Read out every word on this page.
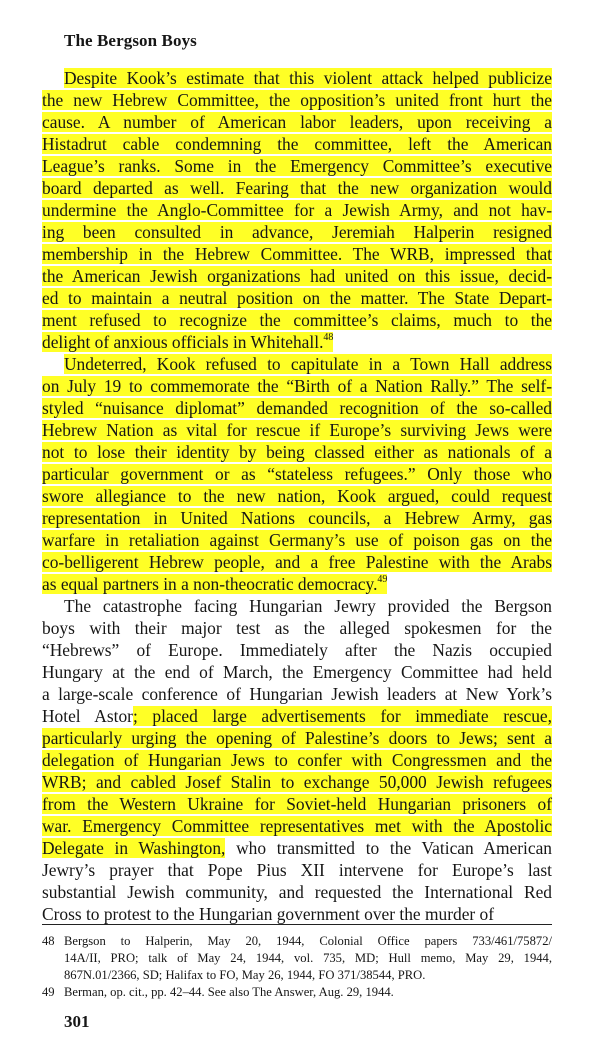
The Bergson Boys
Despite Kook’s estimate that this violent attack helped publicize
the new Hebrew Committee, the opposition’s united front hurt the
cause. A number of American labor leaders, upon receiving a
Histadrut cable condemning the committee, left the American
League’s ranks. Some in the Emergency Committee’s executive
board departed as well. Fearing that the new organization would
undermine the Anglo-Committee for a Jewish Army, and not hav-
ing been consulted in advance, Jeremiah Halperin resigned
membership in the Hebrew Committee. The WRB, impressed that
the American Jewish organizations had united on this issue, decid-
ed to maintain a neutral position on the matter. The State Depart-
ment refused to recognize the committee’s claims, much to the
delight of anxious officials in Whitehall.$^{48}$
Undeterred, Kook refused to capitulate in a Town Hall address
on July 19 to commemorate the “Birth of a Nation Rally.” The self-
styled “nuisance diplomat” demanded recognition of the so-called
Hebrew Nation as vital for rescue if Europe’s surviving Jews were
not to lose their identity by being classed either as nationals of a
particular government or as “stateless refugees.” Only those who
swore allegiance to the new nation, Kook argued, could request
representation in United Nations councils, a Hebrew Army, gas
warfare in retaliation against Germany’s use of poison gas on the
co-belligerent Hebrew people, and a free Palestine with the Arabs
as equal partners in a non-theocratic democracy.$^{49}$
The catastrophe facing Hungarian Jewry provided the Bergson
boys with their major test as the alleged spokesmen for the
“Hebrews” of Europe. Immediately after the Nazis occupied
Hungary at the end of March, the Emergency Committee had held
a large-scale conference of Hungarian Jewish leaders at New York’s
Hotel Astor; placed large advertisements for immediate rescue,
particularly urging the opening of Palestine’s doors to Jews; sent a
delegation of Hungarian Jews to confer with Congressmen and the
WRB; and cabled Josef Stalin to exchange 50,000 Jewish refugees
from the Western Ukraine for Soviet-held Hungarian prisoners of
war. Emergency Committee representatives met with the Apostolic
Delegate in Washington, who transmitted to the Vatican American
Jewry’s prayer that Pope Pius XII intervene for Europe’s last
substantial Jewish community, and requested the International Red
Cross to protest to the Hungarian government over the murder of
48 Bergson to Halperin, May 20, 1944, Colonial Office papers 733/461/75872/
14A/II, PRO; talk of May 24, 1944, vol. 735, MD; Hull memo, May 29, 1944,
867N.01/2366, SD; Halifax to FO, May 26, 1944, FO 371/38544, PRO.
49 Berman, op. cit., pp. 42–44. See also The Answer, Aug. 29, 1944.
301
